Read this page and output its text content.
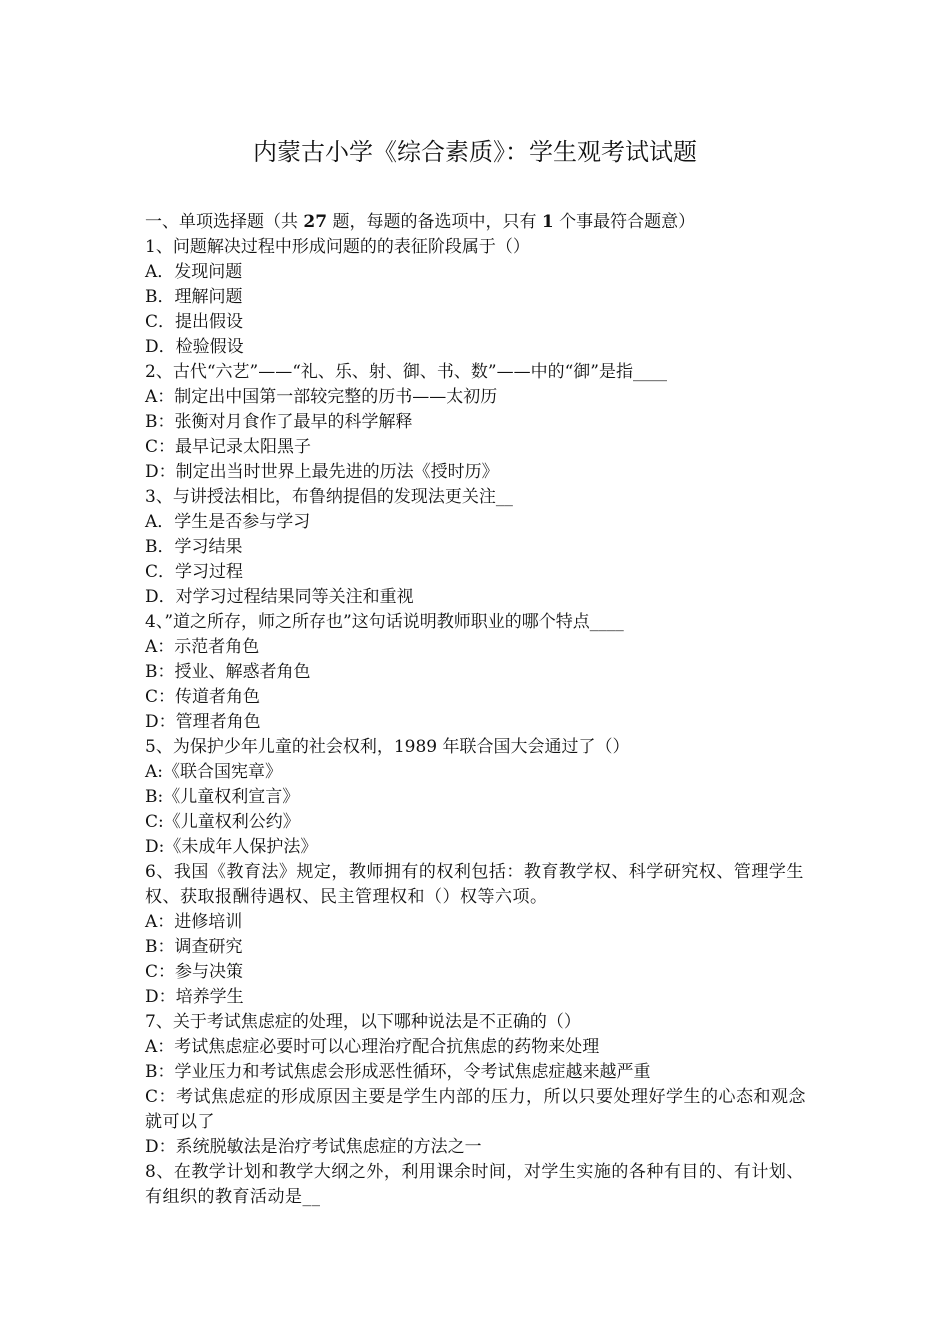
内蒙古小学《综合素质》：学生观考试试题
一、单项选择题（共 27 题，每题的备选项中，只有 1 个事最符合题意）
1、问题解决过程中形成问题的的表征阶段属于（）
A．发现问题
B．理解问题
C．提出假设
D．检验假设
2、古代“六艺”——“礼、乐、射、御、书、数”——中的“御”是指____
A：制定出中国第一部较完整的历书——太初历
B：张衡对月食作了最早的科学解释
C：最早记录太阳黑子
D：制定出当时世界上最先进的历法《授时历》
3、与讲授法相比，布鲁纳提倡的发现法更关注__
A．学生是否参与学习
B．学习结果
C．学习过程
D．对学习过程结果同等关注和重视
4、”道之所存，师之所存也”这句话说明教师职业的哪个特点____
A：示范者角色
B：授业、解惑者角色
C：传道者角色
D：管理者角色
5、为保护少年儿童的社会权利，1989 年联合国大会通过了（）
A:《联合国宪章》
B:《儿童权利宣言》
C:《儿童权利公约》
D:《未成年人保护法》
6、我国《教育法》规定，教师拥有的权利包括：教育教学权、科学研究权、管理学生权、获取报酬待遇权、民主管理权和（）权等六项。
A：进修培训
B：调查研究
C：参与决策
D：培养学生
7、关于考试焦虑症的处理，以下哪种说法是不正确的（）
A：考试焦虑症必要时可以心理治疗配合抗焦虑的药物来处理
B：学业压力和考试焦虑会形成恶性循环，令考试焦虑症越来越严重
C：考试焦虑症的形成原因主要是学生内部的压力，所以只要处理好学生的心态和观念就可以了
D：系统脱敏法是治疗考试焦虑症的方法之一
8、在教学计划和教学大纲之外，利用课余时间，对学生实施的各种有目的、有计划、有组织的教育活动是__
